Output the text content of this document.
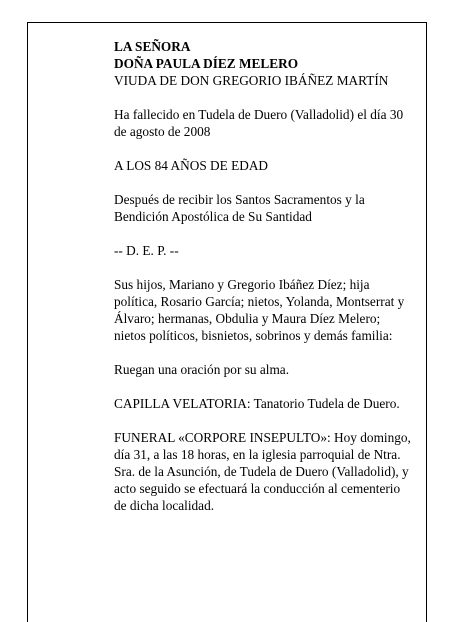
LA SEÑORA
DOÑA PAULA DÍEZ MELERO
VIUDA DE DON GREGORIO IBÁÑEZ MARTÍN
Ha fallecido en Tudela de Duero (Valladolid) el día 30
de agosto de 2008
A LOS 84 AÑOS DE EDAD
Después de recibir los Santos Sacramentos y la
Bendición Apostólica de Su Santidad
-- D. E. P. --
Sus hijos, Mariano y Gregorio Ibáñez Díez; hija
política, Rosario García; nietos, Yolanda, Montserrat y
Álvaro; hermanas, Obdulia y Maura Díez Melero;
nietos políticos, bisnietos, sobrinos y demás familia:
Ruegan una oración por su alma.
CAPILLA VELATORIA: Tanatorio Tudela de Duero.
FUNERAL «CORPORE INSEPULTO»: Hoy domingo,
día 31, a las 18 horas, en la iglesia parroquial de Ntra.
Sra. de la Asunción, de Tudela de Duero (Valladolid), y
acto seguido se efectuará la conducción al cementerio
de dicha localidad.
